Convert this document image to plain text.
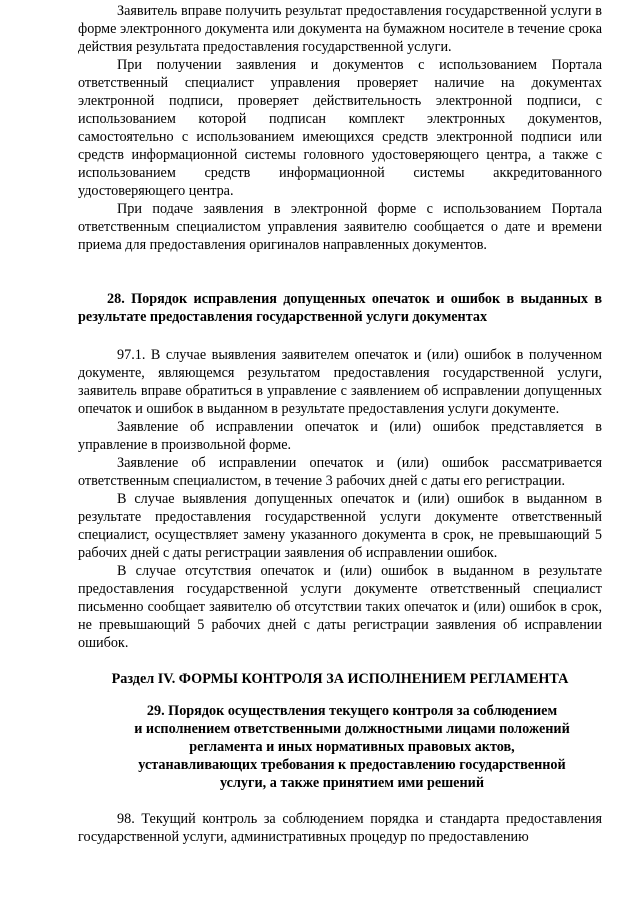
Заявитель вправе получить результат предоставления государственной услуги в форме электронного документа или документа на бумажном носителе в течение срока действия результата предоставления государственной услуги.

При получении заявления и документов с использованием Портала ответственный специалист управления проверяет наличие на документах электронной подписи, проверяет действительность электронной подписи, с использованием которой подписан комплект электронных документов, самостоятельно с использованием имеющихся средств электронной подписи или средств информационной системы головного удостоверяющего центра, а также с использованием средств информационной системы аккредитованного удостоверяющего центра.

При подаче заявления в электронной форме с использованием Портала ответственным специалистом управления заявителю сообщается о дате и времени приема для предоставления оригиналов направленных документов.

28. Порядок исправления допущенных опечаток и ошибок в выданных в результате предоставления государственной услуги документах

97.1. В случае выявления заявителем опечаток и (или) ошибок в полученном документе, являющемся результатом предоставления государственной услуги, заявитель вправе обратиться в управление с заявлением об исправлении допущенных опечаток и ошибок в выданном в результате предоставления услуги документе.

Заявление об исправлении опечаток и (или) ошибок представляется в управление в произвольной форме.

Заявление об исправлении опечаток и (или) ошибок рассматривается ответственным специалистом, в течение 3 рабочих дней с даты его регистрации.

В случае выявления допущенных опечаток и (или) ошибок в выданном в результате предоставления государственной услуги документе ответственный специалист, осуществляет замену указанного документа в срок, не превышающий 5 рабочих дней с даты регистрации заявления об исправлении ошибок.

В случае отсутствия опечаток и (или) ошибок в выданном в результате предоставления государственной услуги документе ответственный специалист письменно сообщает заявителю об отсутствии таких опечаток и (или) ошибок в срок, не превышающий 5 рабочих дней с даты регистрации заявления об исправлении ошибок.

Раздел IV. ФОРМЫ КОНТРОЛЯ ЗА ИСПОЛНЕНИЕМ РЕГЛАМЕНТА

29. Порядок осуществления текущего контроля за соблюдением
и исполнением ответственными должностными лицами положений
регламента и иных нормативных правовых актов,
устанавливающих требования к предоставлению государственной
услуги, а также принятием ими решений

98. Текущий контроль за соблюдением порядка и стандарта предоставления государственной услуги, административных процедур по предоставлению
